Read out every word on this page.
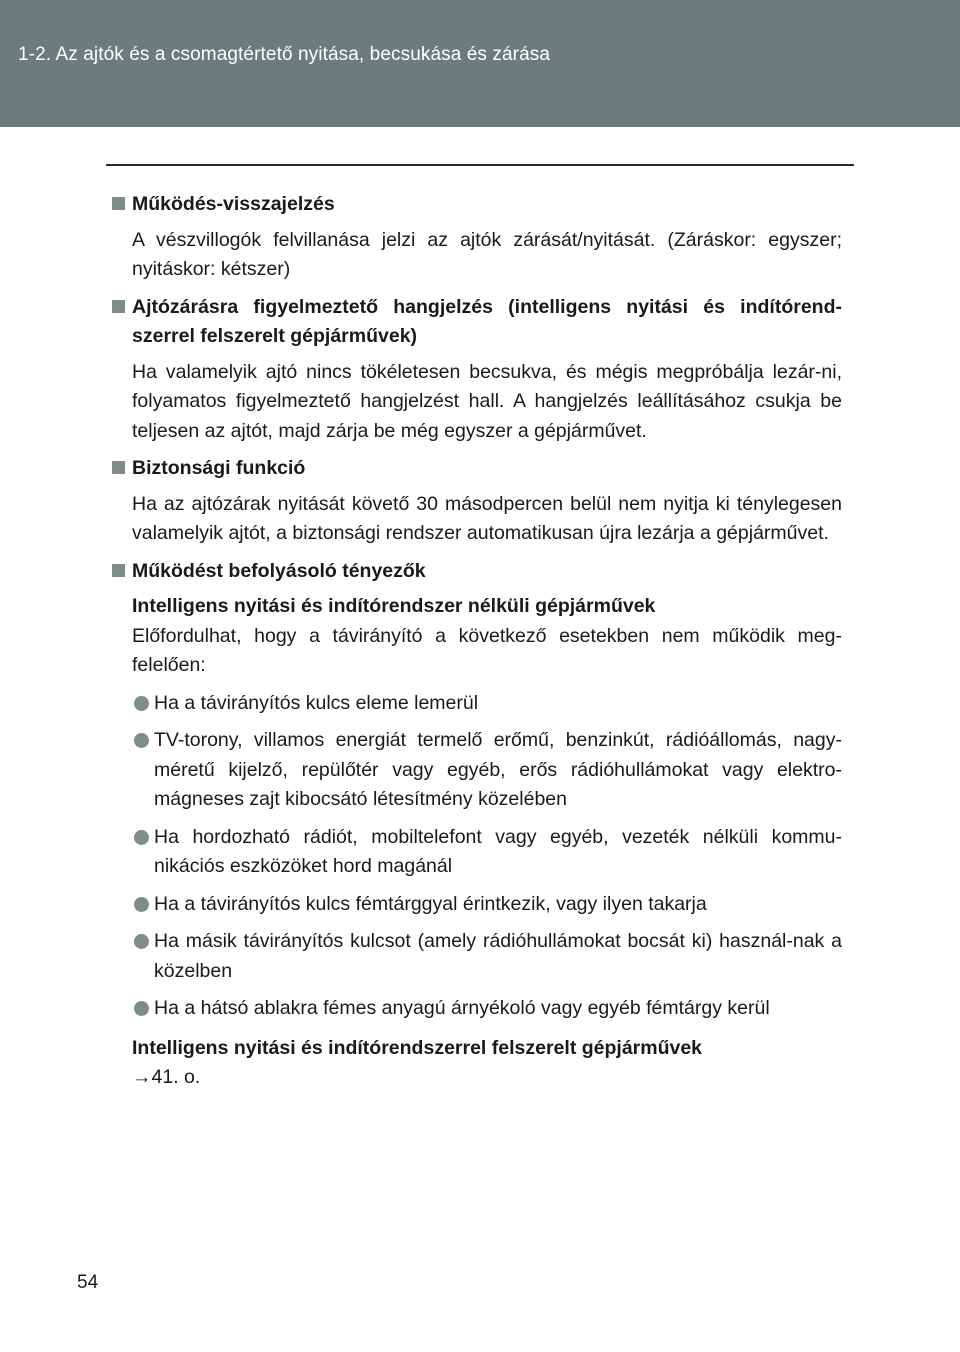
1-2. Az ajtók és a csomagtértető nyitása, becsukása és zárása
Működés-visszajelzés
A vészvillogók felvillanása jelzi az ajtók zárását/nyitását. (Záráskor: egyszer; nyitáskor: kétszer)
Ajtózárásra figyelmeztető hangjelzés (intelligens nyitási és indítórend-szerrel felszerelt gépjárművek)
Ha valamelyik ajtó nincs tökéletesen becsukva, és mégis megpróbálja lezár-ni, folyamatos figyelmeztető hangjelzést hall. A hangjelzés leállításához csukja be teljesen az ajtót, majd zárja be még egyszer a gépjárművet.
Biztonsági funkció
Ha az ajtózárak nyitását követő 30 másodpercen belül nem nyitja ki ténylegesen valamelyik ajtót, a biztonsági rendszer automatikusan újra lezárja a gépjárművet.
Működést befolyásoló tényezők
Intelligens nyitási és indítórendszer nélküli gépjárművek
Előfordulhat, hogy a távirányító a következő esetekben nem működik meg-felelően:
Ha a távirányítós kulcs eleme lemerül
TV-torony, villamos energiát termelő erőmű, benzinkút, rádióállomás, nagy-méretű kijelző, repülőtér vagy egyéb, erős rádióhullámokat vagy elektro-mágneses zajt kibocsátó létesítmény közelében
Ha hordozható rádiót, mobiltelefont vagy egyéb, vezeték nélküli kommu-nikációs eszközöket hord magánál
Ha a távirányítós kulcs fémtárggyal érintkezik, vagy ilyen takarja
Ha másik távirányítós kulcsot (amely rádióhullámokat bocsát ki) használ-nak a közelben
Ha a hátsó ablakra fémes anyagú árnyékoló vagy egyéb fémtárgy kerül
Intelligens nyitási és indítórendszerrel felszerelt gépjárművek
→41. o.
54
